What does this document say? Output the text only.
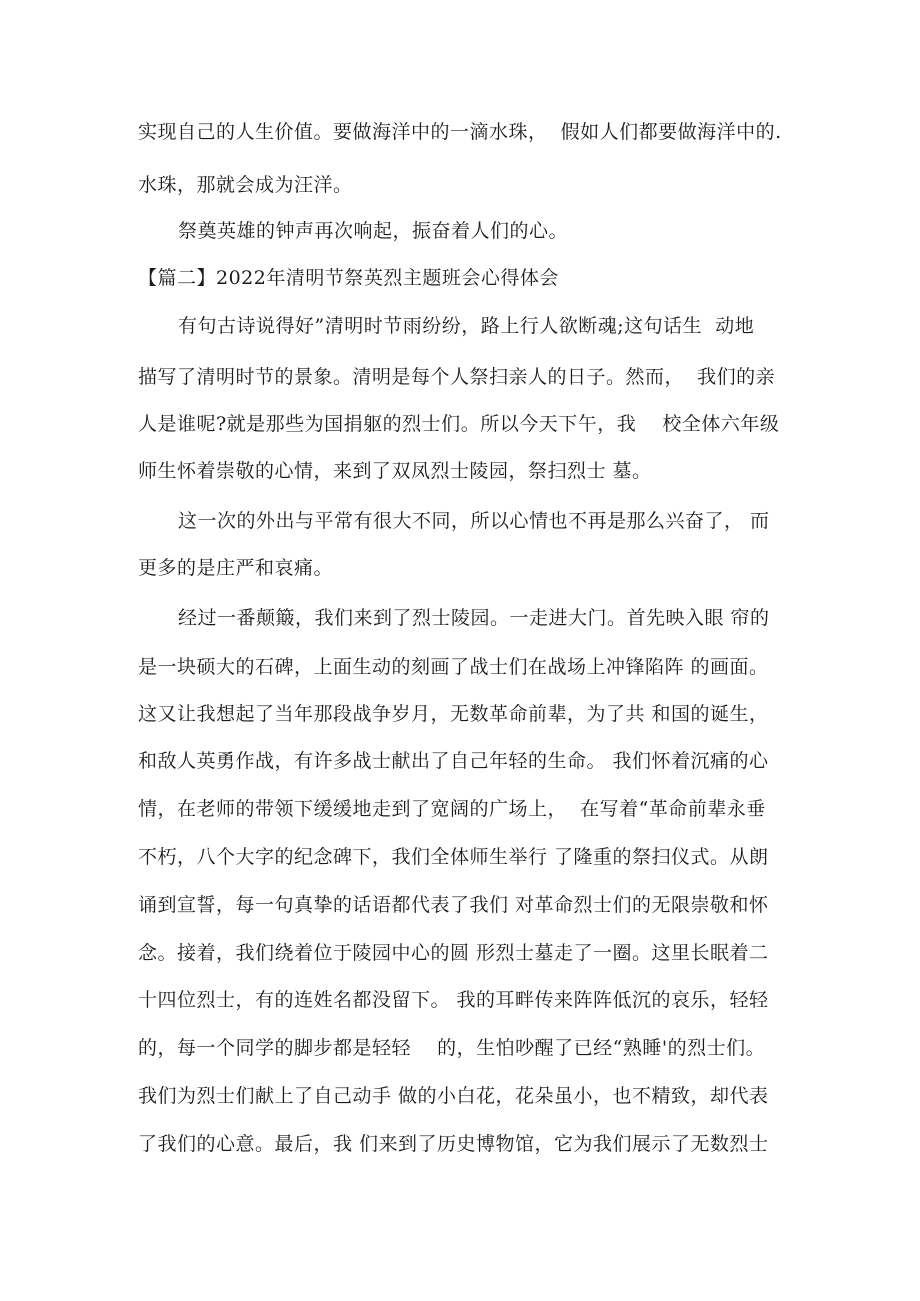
实现自己的人生价值。要做海洋中的一滴水珠，  假如人们都要做海洋中的.
水珠，那就会成为汪洋。
祭奠英雄的钟声再次响起，振奋着人们的心。
【篇二】2022年清明节祭英烈主题班会心得体会
有句古诗说得好”清明时节雨纷纷，路上行人欲断魂;这句话生  动地
描写了清明时节的景象。清明是每个人祭扫亲人的日子。然而，  我们的亲
人是谁呢?就是那些为国捐躯的烈士们。所以今天下午，我    校全体六年级
师生怀着崇敬的心情，来到了双凤烈士陵园，祭扫烈士 墓。
这一次的外出与平常有很大不同，所以心情也不再是那么兴奋了， 而
更多的是庄严和哀痛。
经过一番颠簸，我们来到了烈士陵园。一走进大门。首先映入眼 帘的
是一块硕大的石碑，上面生动的刻画了战士们在战场上冲锋陷阵 的画面。
这又让我想起了当年那段战争岁月，无数革命前辈，为了共 和国的诞生，
和敌人英勇作战，有许多战士献出了自己年轻的生命。 我们怀着沉痛的心
情，在老师的带领下缓缓地走到了宽阔的广场上，  在写着“革命前辈永垂
不朽，八个大字的纪念碑下，我们全体师生举行 了隆重的祭扫仪式。从朗
诵到宣誓，每一句真挚的话语都代表了我们 对革命烈士们的无限崇敬和怀
念。接着，我们绕着位于陵园中心的圆 形烈士墓走了一圈。这里长眠着二
十四位烈士，有的连姓名都没留下。 我的耳畔传来阵阵低沉的哀乐，轻轻
的，每一个同学的脚步都是轻轻    的，生怕吵醒了已经“熟睡'的烈士们。
我们为烈士们献上了自己动手 做的小白花，花朵虽小，也不精致，却代表
了我们的心意。最后，我 们来到了历史博物馆，它为我们展示了无数烈士
